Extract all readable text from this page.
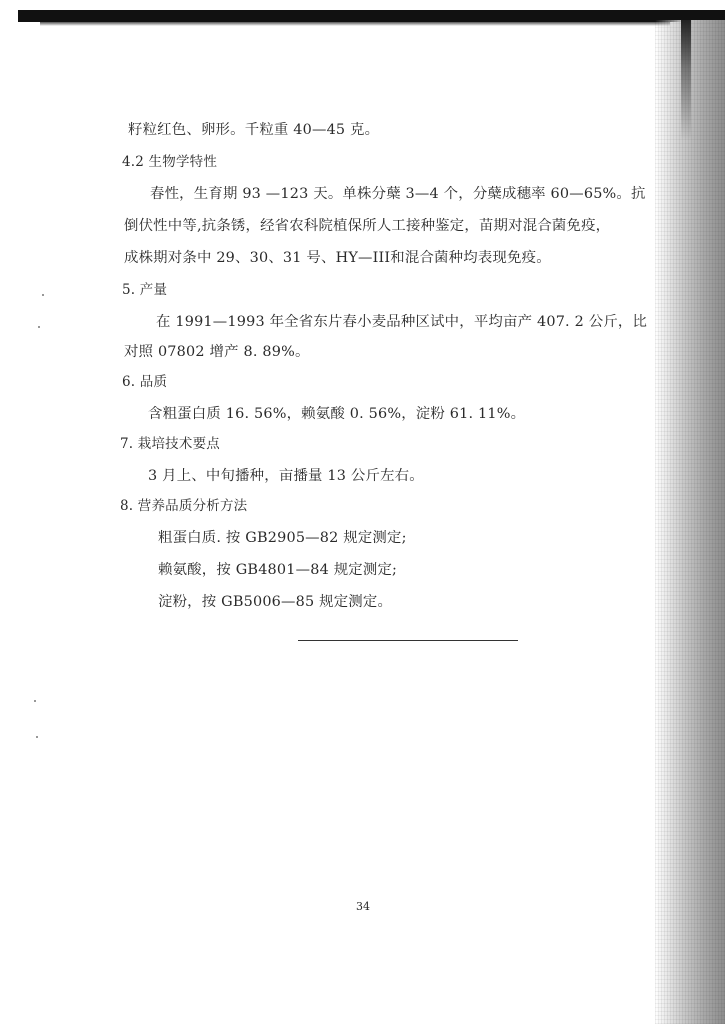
籽粒红色、卵形。千粒重 40—45 克。
4.2 生物学特性
春性，生育期 93 —123 天。单株分蘖 3—4 个，分蘖成穗率 60—65%。抗
倒伏性中等,抗条锈，经省农科院植保所人工接种鉴定，苗期对混合菌免疫，
成株期对条中 29、30、31 号、HY—III和混合菌种均表现免疫。
5. 产量
在 1991—1993 年全省东片春小麦品种区试中，平均亩产 407. 2 公斤，比
对照 07802 增产 8. 89%。
6. 品质
含粗蛋白质 16. 56%，赖氨酸 0. 56%，淀粉 61. 11%。
7. 栽培技术要点
3 月上、中旬播种，亩播量 13 公斤左右。
8. 营养品质分析方法
粗蛋白质. 按 GB2905—82 规定测定;
赖氨酸，按 GB4801—84 规定测定;
淀粉，按 GB5006—85 规定测定。
34
